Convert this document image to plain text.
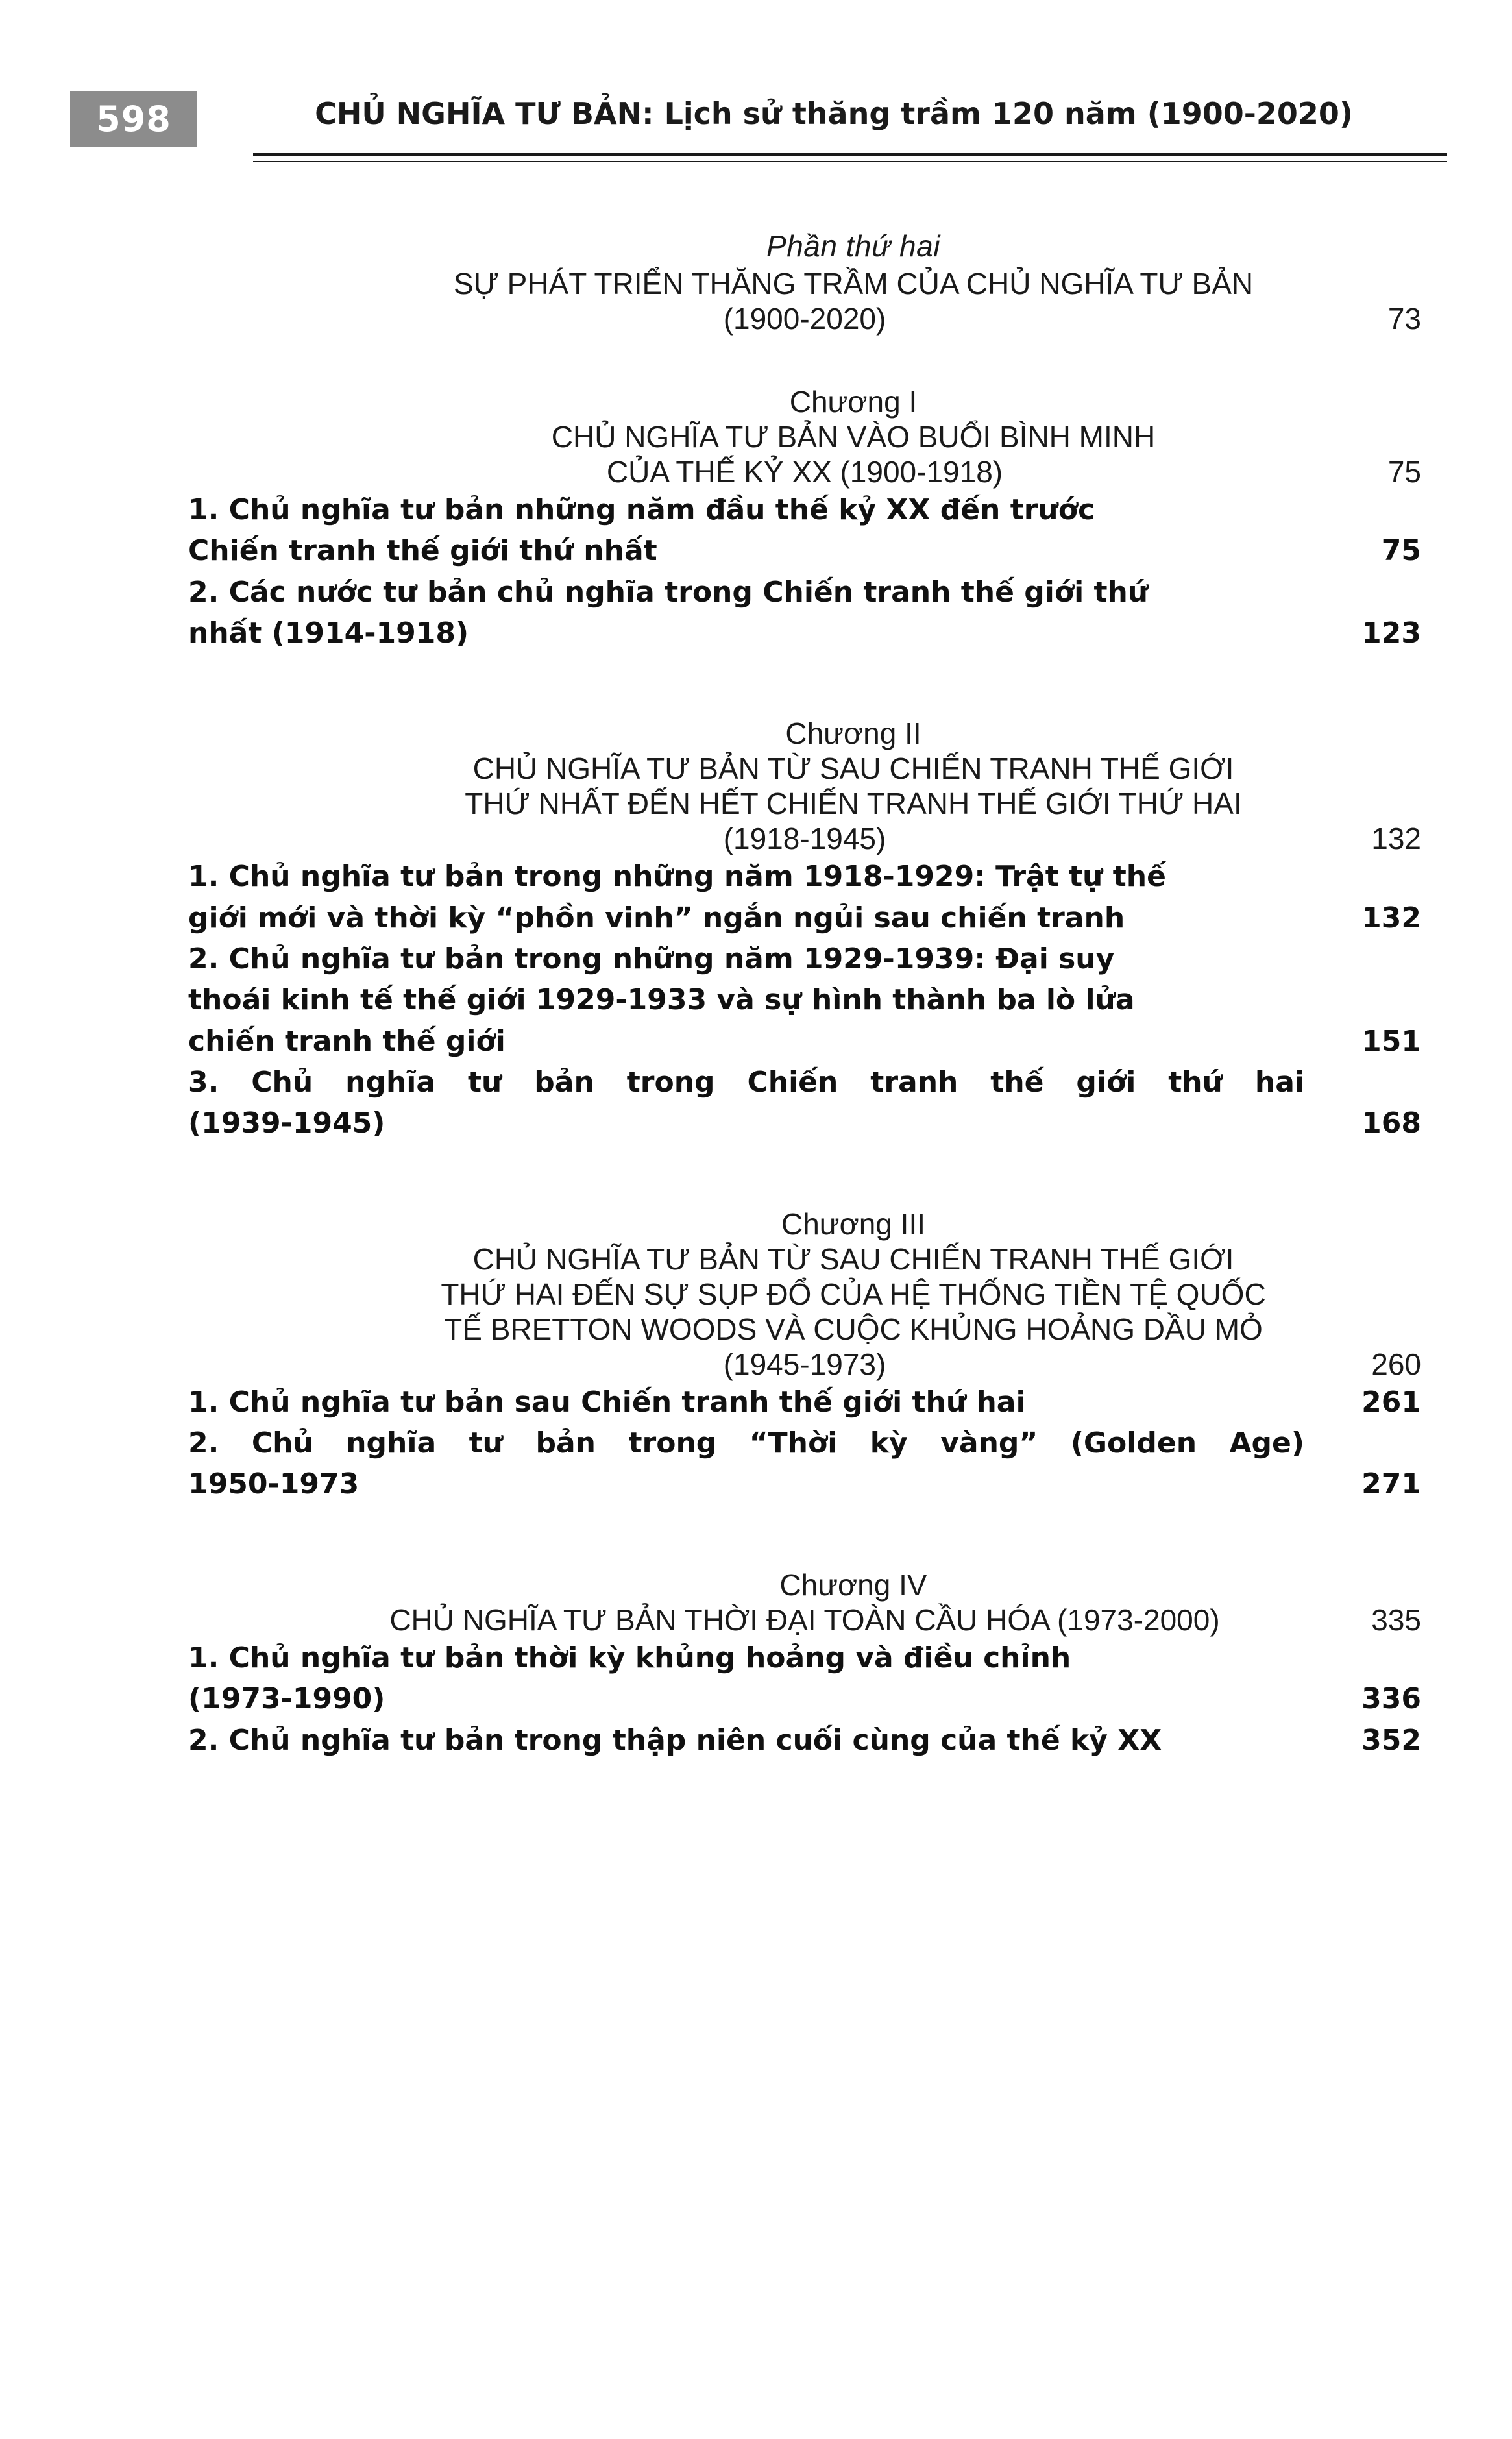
598	CHỦ NGHĨA TƯ BẢN: Lịch sử thăng trầm 120 năm (1900-2020)
Phần thứ hai
SỰ PHÁT TRIỂN THĂNG TRẦM CỦA CHỦ NGHĨA TƯ BẢN
(1900-2020)	73
Chương I
CHỦ NGHĨA TƯ BẢN VÀO BUỔI BÌNH MINH
CỦA THẾ KỶ XX (1900-1918)	75
1. Chủ nghĩa tư bản những năm đầu thế kỷ XX đến trước
Chiến tranh thế giới thứ nhất	75
2. Các nước tư bản chủ nghĩa trong Chiến tranh thế giới thứ
nhất (1914-1918)	123
Chương II
CHỦ NGHĨA TƯ BẢN TỪ SAU CHIẾN TRANH THẾ GIỚI
THỨ NHẤT ĐẾN HẾT CHIẾN TRANH THẾ GIỚI THỨ HAI
(1918-1945)	132
1. Chủ nghĩa tư bản trong những năm 1918-1929: Trật tự thế
giới mới và thời kỳ “phồn vinh” ngắn ngủi sau chiến tranh	132
2. Chủ nghĩa tư bản trong những năm 1929-1939: Đại suy
thoái kinh tế thế giới 1929-1933 và sự hình thành ba lò lửa
chiến tranh thế giới	151
3. Chủ nghĩa tư bản trong Chiến tranh thế giới thứ hai
(1939-1945)	168
Chương III
CHỦ NGHĨA TƯ BẢN TỪ SAU CHIẾN TRANH THẾ GIỚI
THỨ HAI ĐẾN SỰ SỤP ĐỔ CỦA HỆ THỐNG TIỀN TỆ QUỐC
TẾ BRETTON WOODS VÀ CUỘC KHỦNG HOẢNG DẦU MỎ
(1945-1973)	260
1. Chủ nghĩa tư bản sau Chiến tranh thế giới thứ hai	261
2. Chủ nghĩa tư bản trong “Thời kỳ vàng” (Golden Age)
1950-1973	271
Chương IV
CHỦ NGHĨA TƯ BẢN THỜI ĐẠI TOÀN CẦU HÓA (1973-2000)	335
1. Chủ nghĩa tư bản thời kỳ khủng hoảng và điều chỉnh
(1973-1990)	336
2. Chủ nghĩa tư bản trong thập niên cuối cùng của thế kỷ XX	352
